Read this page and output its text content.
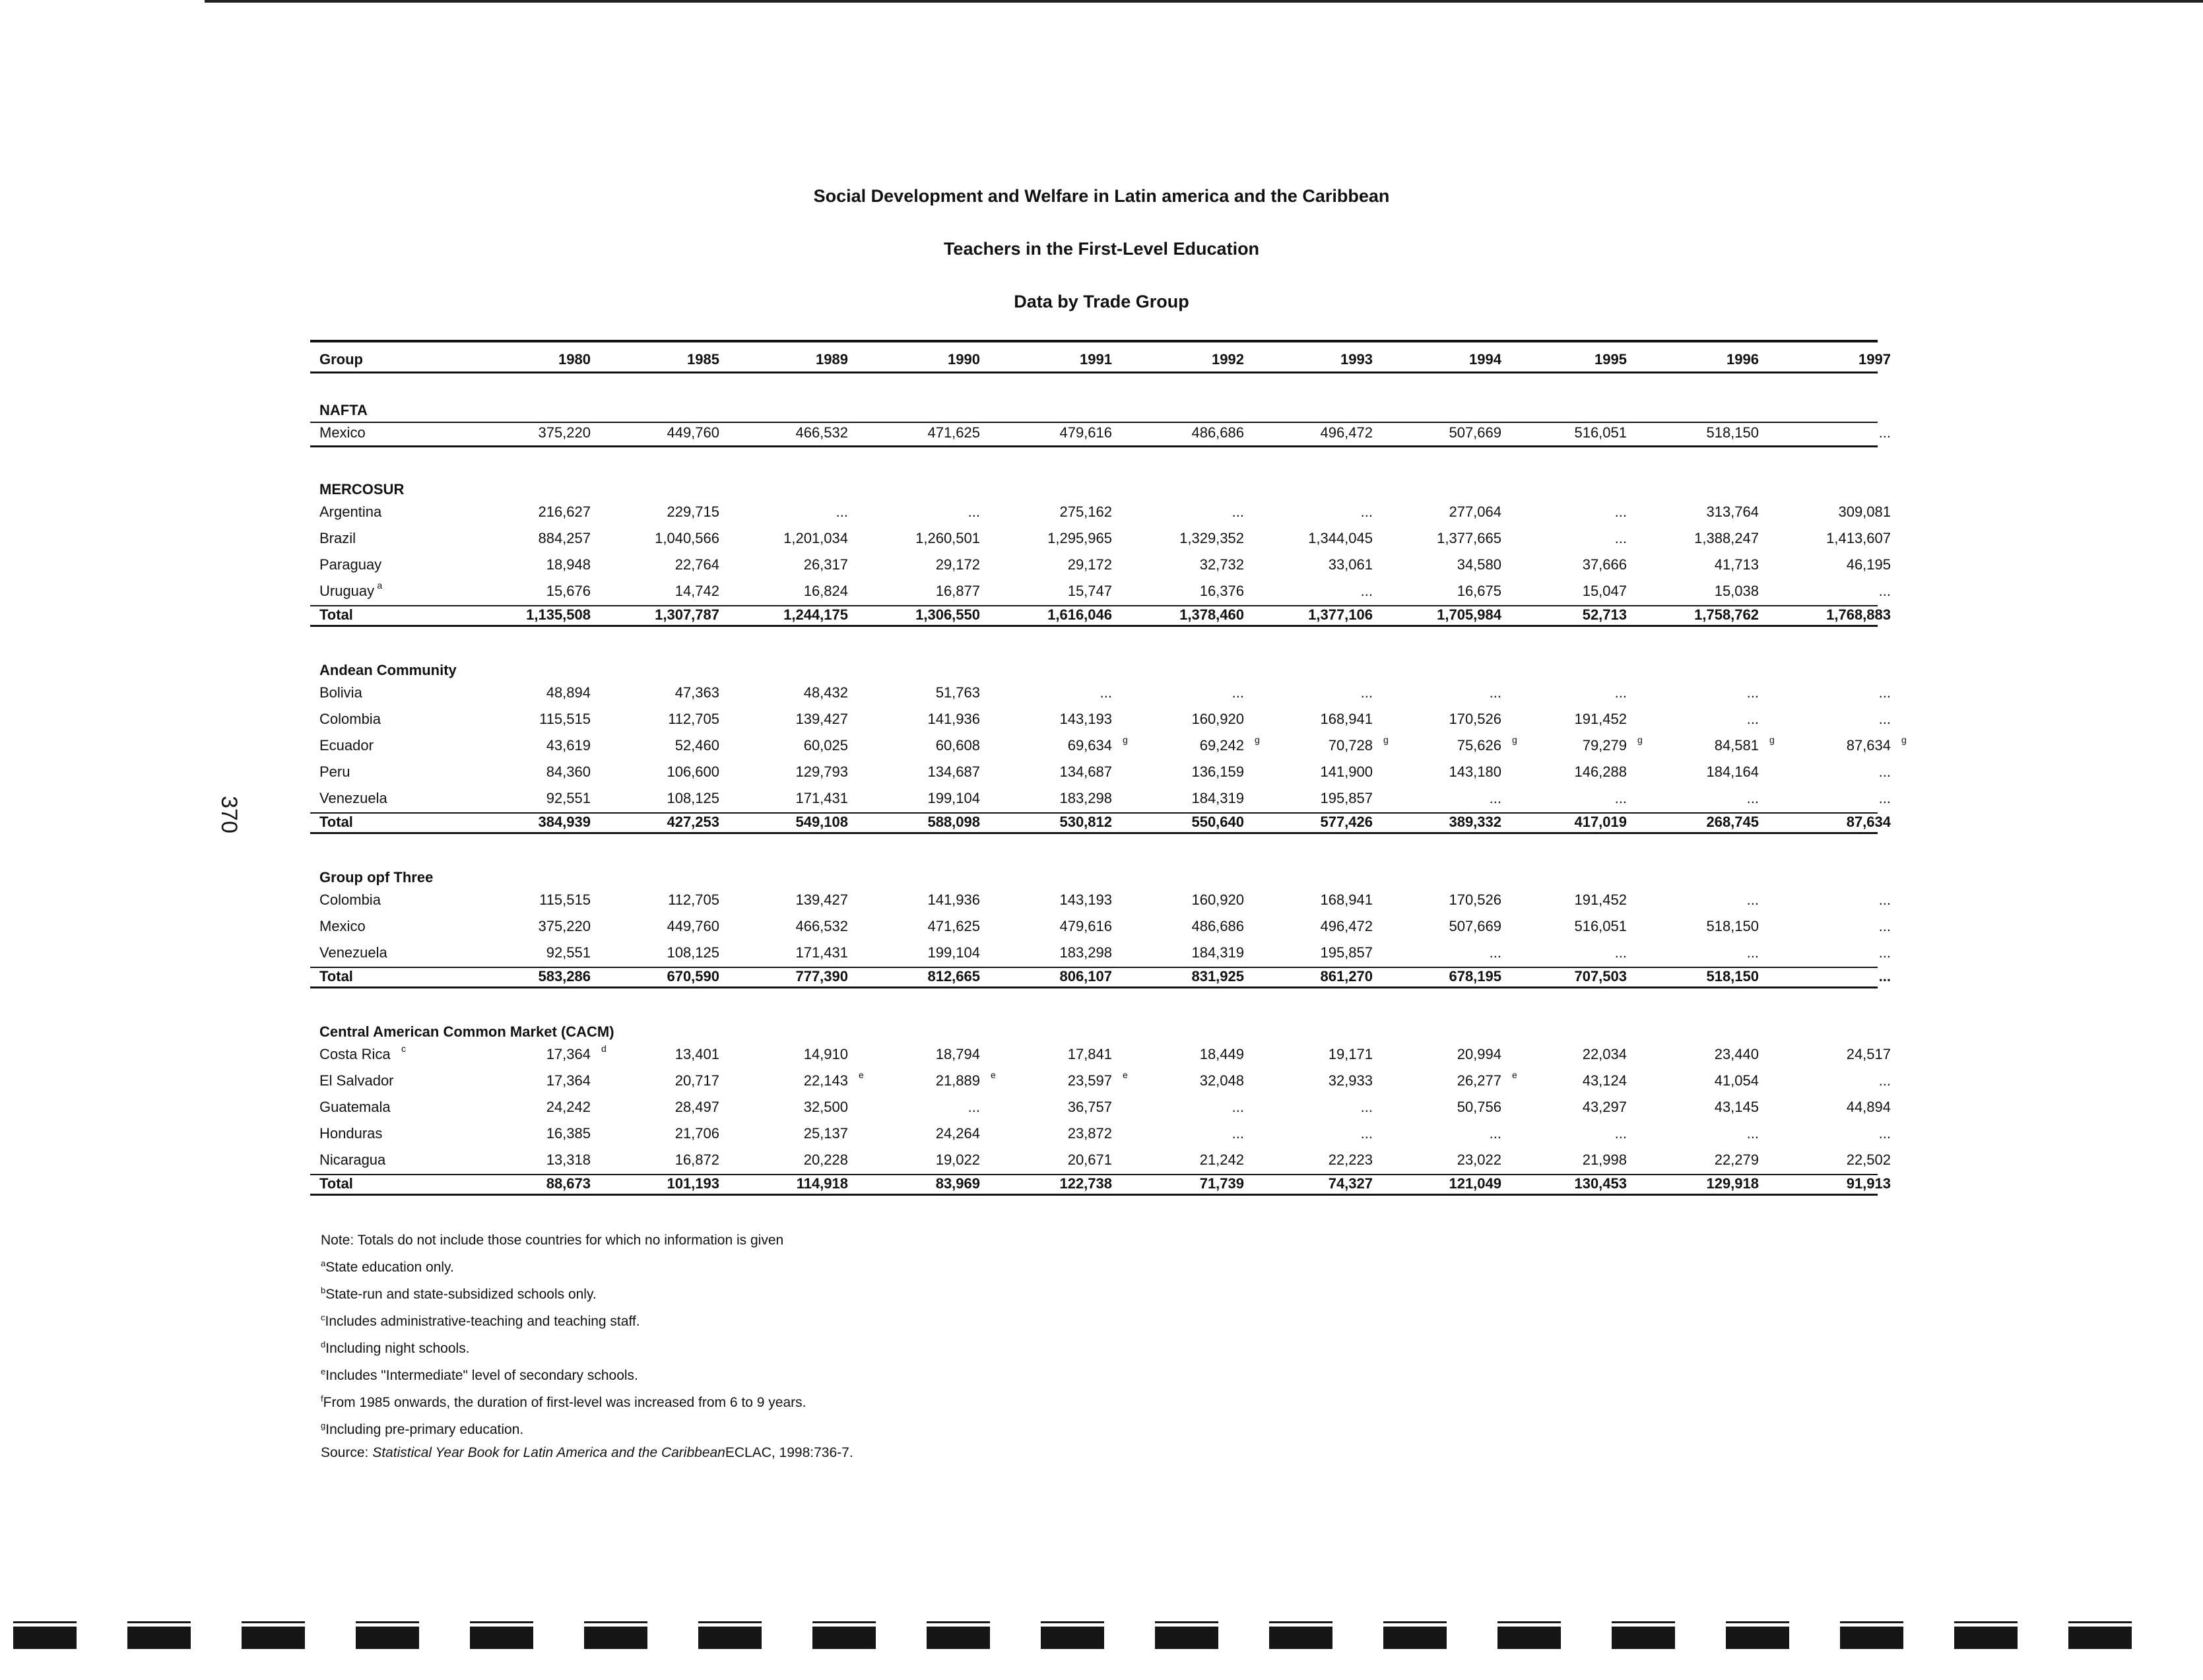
Social Development and Welfare in Latin america and the Caribbean
Teachers in the First-Level Education
Data by Trade Group
370
Group	1980	1985	1989	1990	1991	1992	1993	1994	1995	1996	1997
NAFTA
Mexico	375,220	449,760	466,532	471,625	479,616	486,686	496,472	507,669	516,051	518,150	...
MERCOSUR
Argentina	216,627	229,715	...	...	275,162	...	...	277,064	...	313,764	309,081
Brazil	884,257	1,040,566	1,201,034	1,260,501	1,295,965	1,329,352	1,344,045	1,377,665	...	1,388,247	1,413,607
Paraguay	18,948	22,764	26,317	29,172	29,172	32,732	33,061	34,580	37,666	41,713	46,195
Uruguay a	15,676	14,742	16,824	16,877	15,747	16,376	...	16,675	15,047	15,038	...
Total	1,135,508	1,307,787	1,244,175	1,306,550	1,616,046	1,378,460	1,377,106	1,705,984	52,713	1,758,762	1,768,883
Andean Community
Bolivia	48,894	47,363	48,432	51,763	...	...	...	...	...	...	...
Colombia	115,515	112,705	139,427	141,936	143,193	160,920	168,941	170,526	191,452	...	...
Ecuador	43,619	52,460	60,025	60,608	69,634 g	69,242 g	70,728 g	75,626 g	79,279 g	84,581 g	87,634 g
Peru	84,360	106,600	129,793	134,687	134,687	136,159	141,900	143,180	146,288	184,164	...
Venezuela	92,551	108,125	171,431	199,104	183,298	184,319	195,857	...	...	...	...
Total	384,939	427,253	549,108	588,098	530,812	550,640	577,426	389,332	417,019	268,745	87,634
Group opf Three
Colombia	115,515	112,705	139,427	141,936	143,193	160,920	168,941	170,526	191,452	...	...
Mexico	375,220	449,760	466,532	471,625	479,616	486,686	496,472	507,669	516,051	518,150	...
Venezuela	92,551	108,125	171,431	199,104	183,298	184,319	195,857	...	...	...	...
Total	583,286	670,590	777,390	812,665	806,107	831,925	861,270	678,195	707,503	518,150	...
Central American Common Market (CACM)
Costa Rica c	17,364 d	13,401	14,910	18,794	17,841	18,449	19,171	20,994	22,034	23,440	24,517
El Salvador	17,364	20,717	22,143 e	21,889 e	23,597 e	32,048	32,933	26,277 e	43,124	41,054	...
Guatemala	24,242	28,497	32,500	...	36,757	...	...	50,756	43,297	43,145	44,894
Honduras	16,385	21,706	25,137	24,264	23,872	...	...	...	...	...	...
Nicaragua	13,318	16,872	20,228	19,022	20,671	21,242	22,223	23,022	21,998	22,279	22,502
Total	88,673	101,193	114,918	83,969	122,738	71,739	74,327	121,049	130,453	129,918	91,913
Note: Totals do not include those countries for which no information is given
$^a$State education only.
$^b$State-run and state-subsidized schools only.
$^c$Includes administrative-teaching and teaching staff.
$^d$Including night schools.
$^e$Includes "Intermediate" level of secondary schools.
$^f$From 1985 onwards, the duration of first-level was increased from 6 to 9 years.
$^g$Including pre-primary education.
Source: Statistical Year Book for Latin America and the CaribbeanECLAC, 1998:736-7.
